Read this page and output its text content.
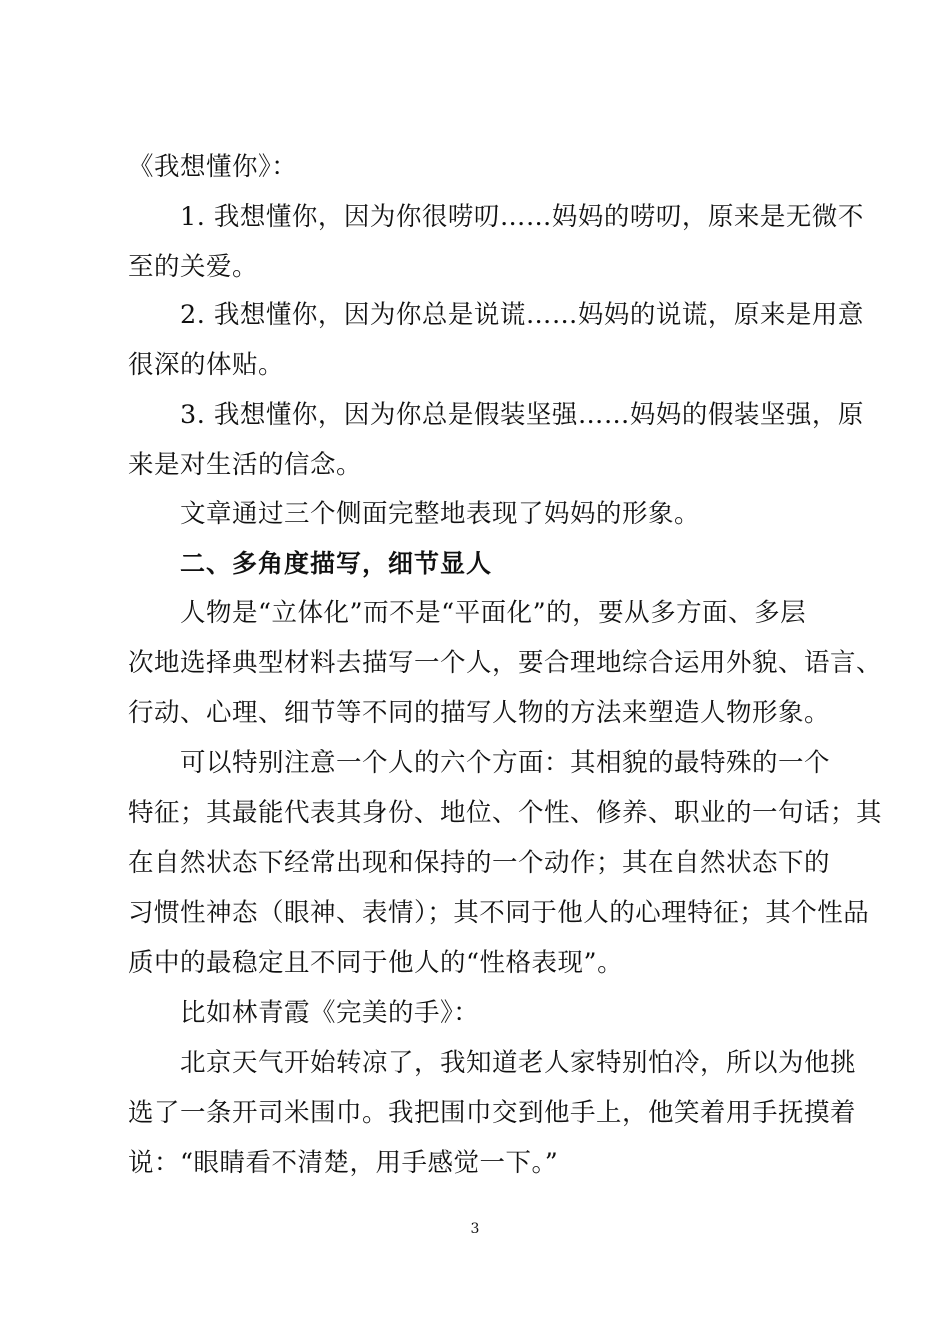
《我想懂你》：
1. 我想懂你，因为你很唠叨……妈妈的唠叨，原来是无微不
至的关爱。
2. 我想懂你，因为你总是说谎……妈妈的说谎，原来是用意
很深的体贴。
3. 我想懂你，因为你总是假装坚强……妈妈的假装坚强，原
来是对生活的信念。
文章通过三个侧面完整地表现了妈妈的形象。
二、多角度描写，细节显人
人物是“立体化”而不是“平面化”的，要从多方面、多层
次地选择典型材料去描写一个人，要合理地综合运用外貌、语言、
行动、心理、细节等不同的描写人物的方法来塑造人物形象。
可以特别注意一个人的六个方面：其相貌的最特殊的一个
特征；其最能代表其身份、地位、个性、修养、职业的一句话；其
在自然状态下经常出现和保持的一个动作；其在自然状态下的
习惯性神态（眼神、表情）；其不同于他人的心理特征；其个性品
质中的最稳定且不同于他人的“性格表现”。
比如林青霞《完美的手》：
北京天气开始转凉了，我知道老人家特别怕冷，所以为他挑
选了一条开司米围巾。我把围巾交到他手上，他笑着用手抚摸着
说：“眼睛看不清楚，用手感觉一下。”
3
